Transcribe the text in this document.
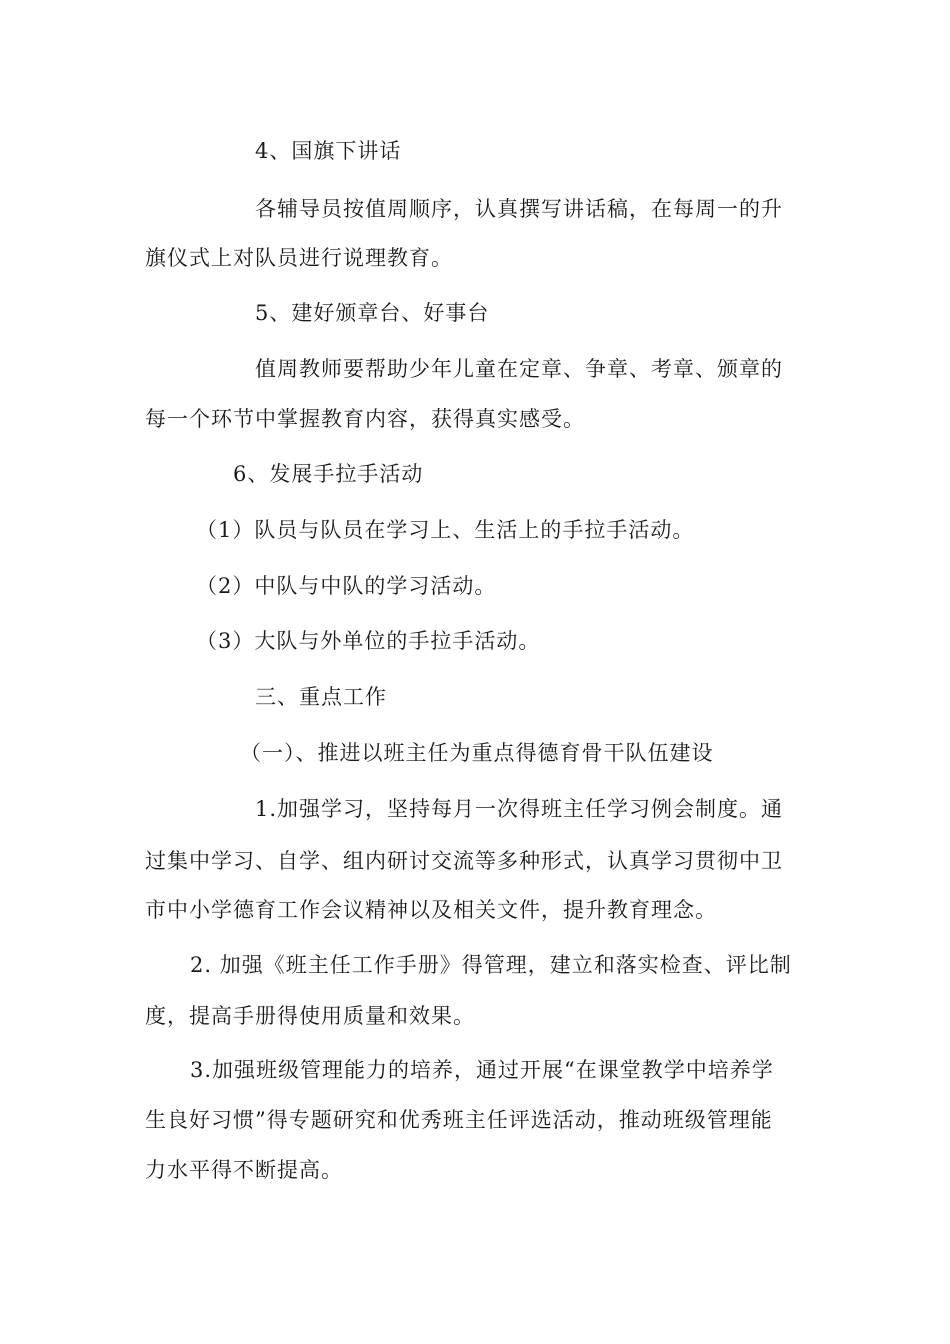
4、国旗下讲话

各辅导员按值周顺序，认真撰写讲话稿，在每周一的升

旗仪式上对队员进行说理教育。

5、建好颁章台、好事台

值周教师要帮助少年儿童在定章、争章、考章、颁章的

每一个环节中掌握教育内容，获得真实感受。

6、发展手拉手活动

（1）队员与队员在学习上、生活上的手拉手活动。

（2）中队与中队的学习活动。

（3）大队与外单位的手拉手活动。

三、重点工作

（一）、推进以班主任为重点得德育骨干队伍建设

1.加强学习，坚持每月一次得班主任学习例会制度。通

过集中学习、自学、组内研讨交流等多种形式，认真学习贯彻中卫

市中小学德育工作会议精神以及相关文件，提升教育理念。

2. 加强《班主任工作手册》得管理，建立和落实检查、评比制

度，提高手册得使用质量和效果。

3.加强班级管理能力的培养，通过开展“在课堂教学中培养学

生良好习惯”得专题研究和优秀班主任评选活动，推动班级管理能

力水平得不断提高。
